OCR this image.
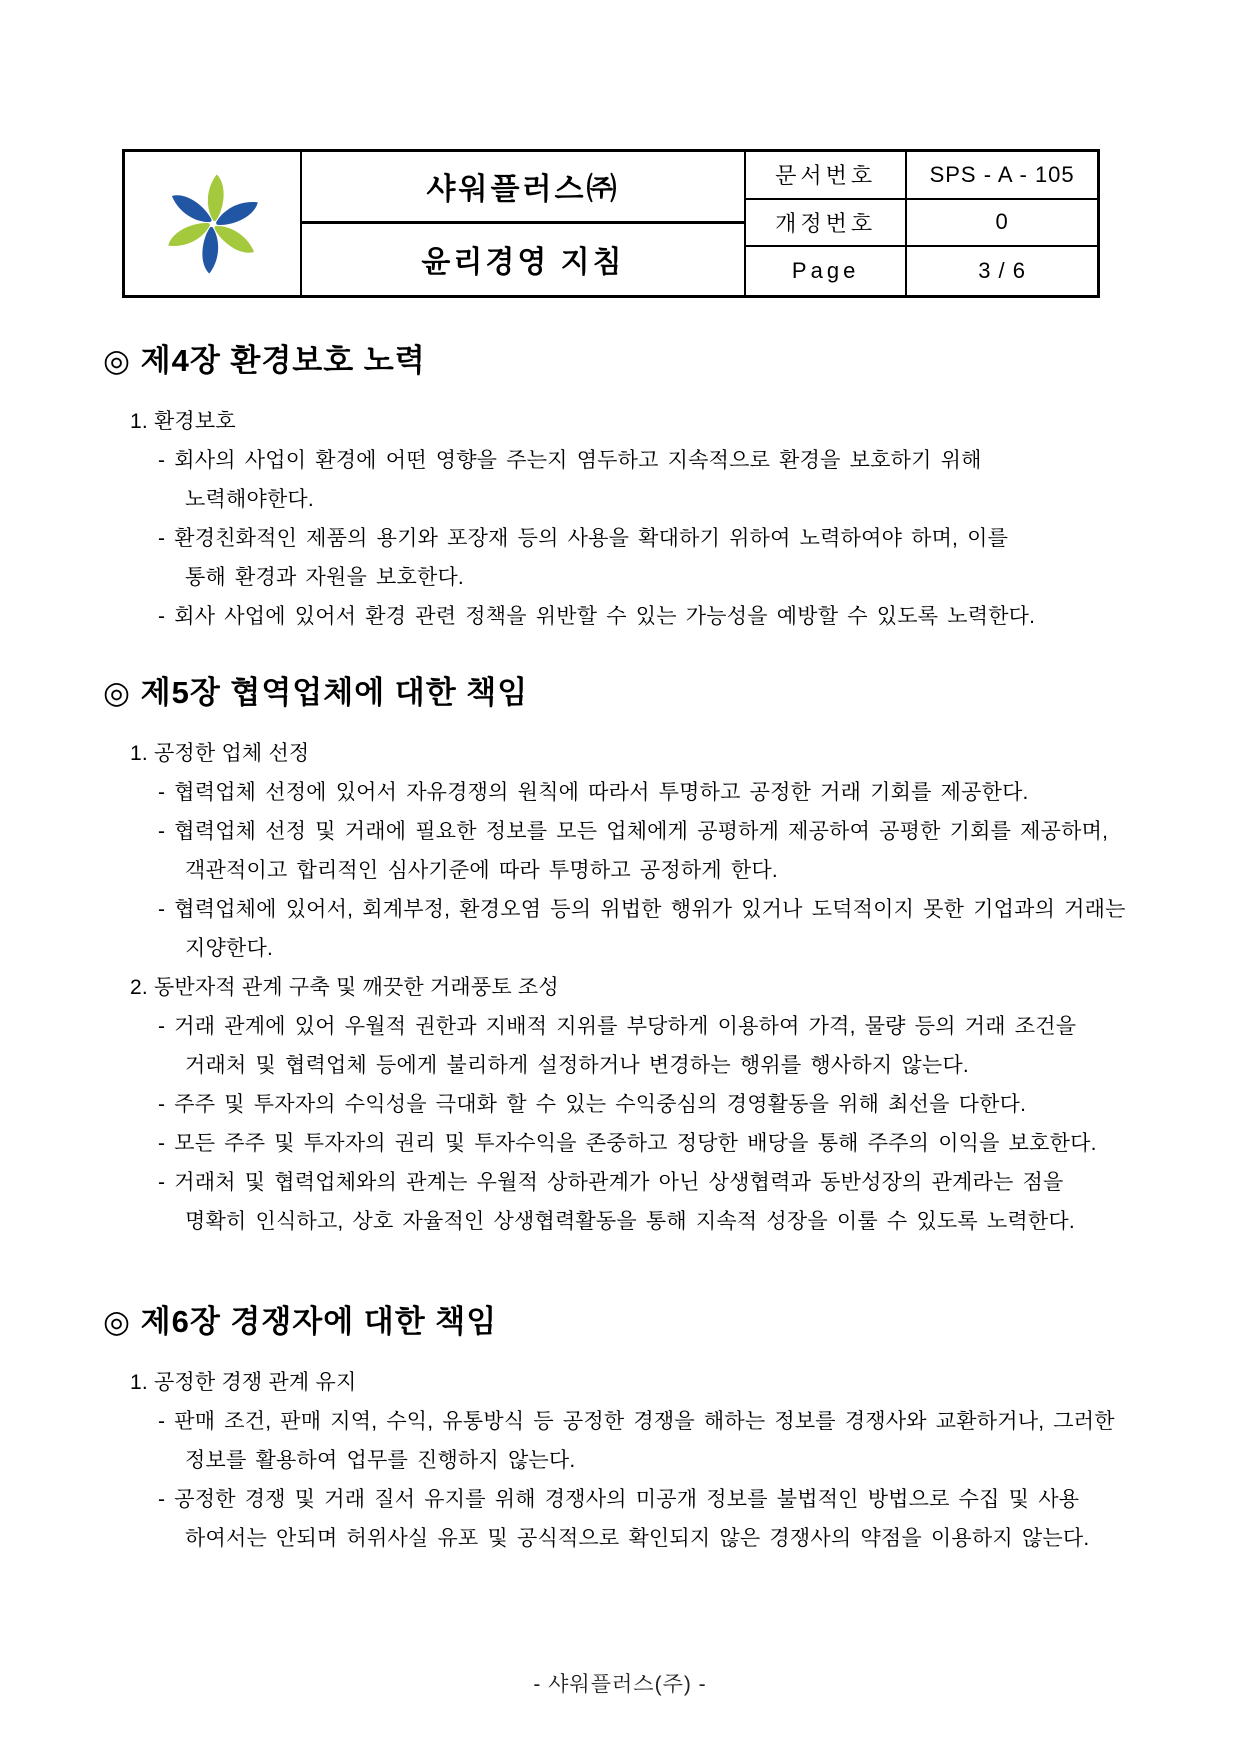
샤워플러스㈜
윤리경영 지침
문서번호	SPS - A - 105
개정번호	0
Page	3 / 6
◎ 제4장 환경보호 노력
1. 환경보호
- 회사의 사업이 환경에 어떤 영향을 주는지 염두하고 지속적으로 환경을 보호하기 위해
노력해야한다.
- 환경친화적인 제품의 용기와 포장재 등의 사용을 확대하기 위하여 노력하여야 하며, 이를
통해 환경과 자원을 보호한다.
- 회사 사업에 있어서 환경 관련 정책을 위반할 수 있는 가능성을 예방할 수 있도록 노력한다.
◎ 제5장 협역업체에 대한 책임
1. 공정한 업체 선정
- 협력업체 선정에 있어서 자유경쟁의 원칙에 따라서 투명하고 공정한 거래 기회를 제공한다.
- 협력업체 선정 및 거래에 필요한 정보를 모든 업체에게 공평하게 제공하여 공평한 기회를 제공하며,
객관적이고 합리적인 심사기준에 따라 투명하고 공정하게 한다.
- 협력업체에 있어서, 회계부정, 환경오염 등의 위법한 행위가 있거나 도덕적이지 못한 기업과의 거래는
지양한다.
2. 동반자적 관계 구축 및 깨끗한 거래풍토 조성
- 거래 관계에 있어 우월적 권한과 지배적 지위를 부당하게 이용하여 가격, 물량 등의 거래 조건을
거래처 및 협력업체 등에게 불리하게 설정하거나 변경하는 행위를 행사하지 않는다.
- 주주 및 투자자의 수익성을 극대화 할 수 있는 수익중심의 경영활동을 위해 최선을 다한다.
- 모든 주주 및 투자자의 권리 및 투자수익을 존중하고 정당한 배당을 통해 주주의 이익을 보호한다.
- 거래처 및 협력업체와의 관계는 우월적 상하관계가 아닌 상생협력과 동반성장의 관계라는 점을
명확히 인식하고, 상호 자율적인 상생협력활동을 통해 지속적 성장을 이룰 수 있도록 노력한다.
◎ 제6장 경쟁자에 대한 책임
1. 공정한 경쟁 관계 유지
- 판매 조건, 판매 지역, 수익, 유통방식 등 공정한 경쟁을 해하는 정보를 경쟁사와 교환하거나, 그러한
정보를 활용하여 업무를 진행하지 않는다.
- 공정한 경쟁 및 거래 질서 유지를 위해 경쟁사의 미공개 정보를 불법적인 방법으로 수집 및 사용
하여서는 안되며 허위사실 유포 및 공식적으로 확인되지 않은 경쟁사의 약점을 이용하지 않는다.
- 샤워플러스(주) -
